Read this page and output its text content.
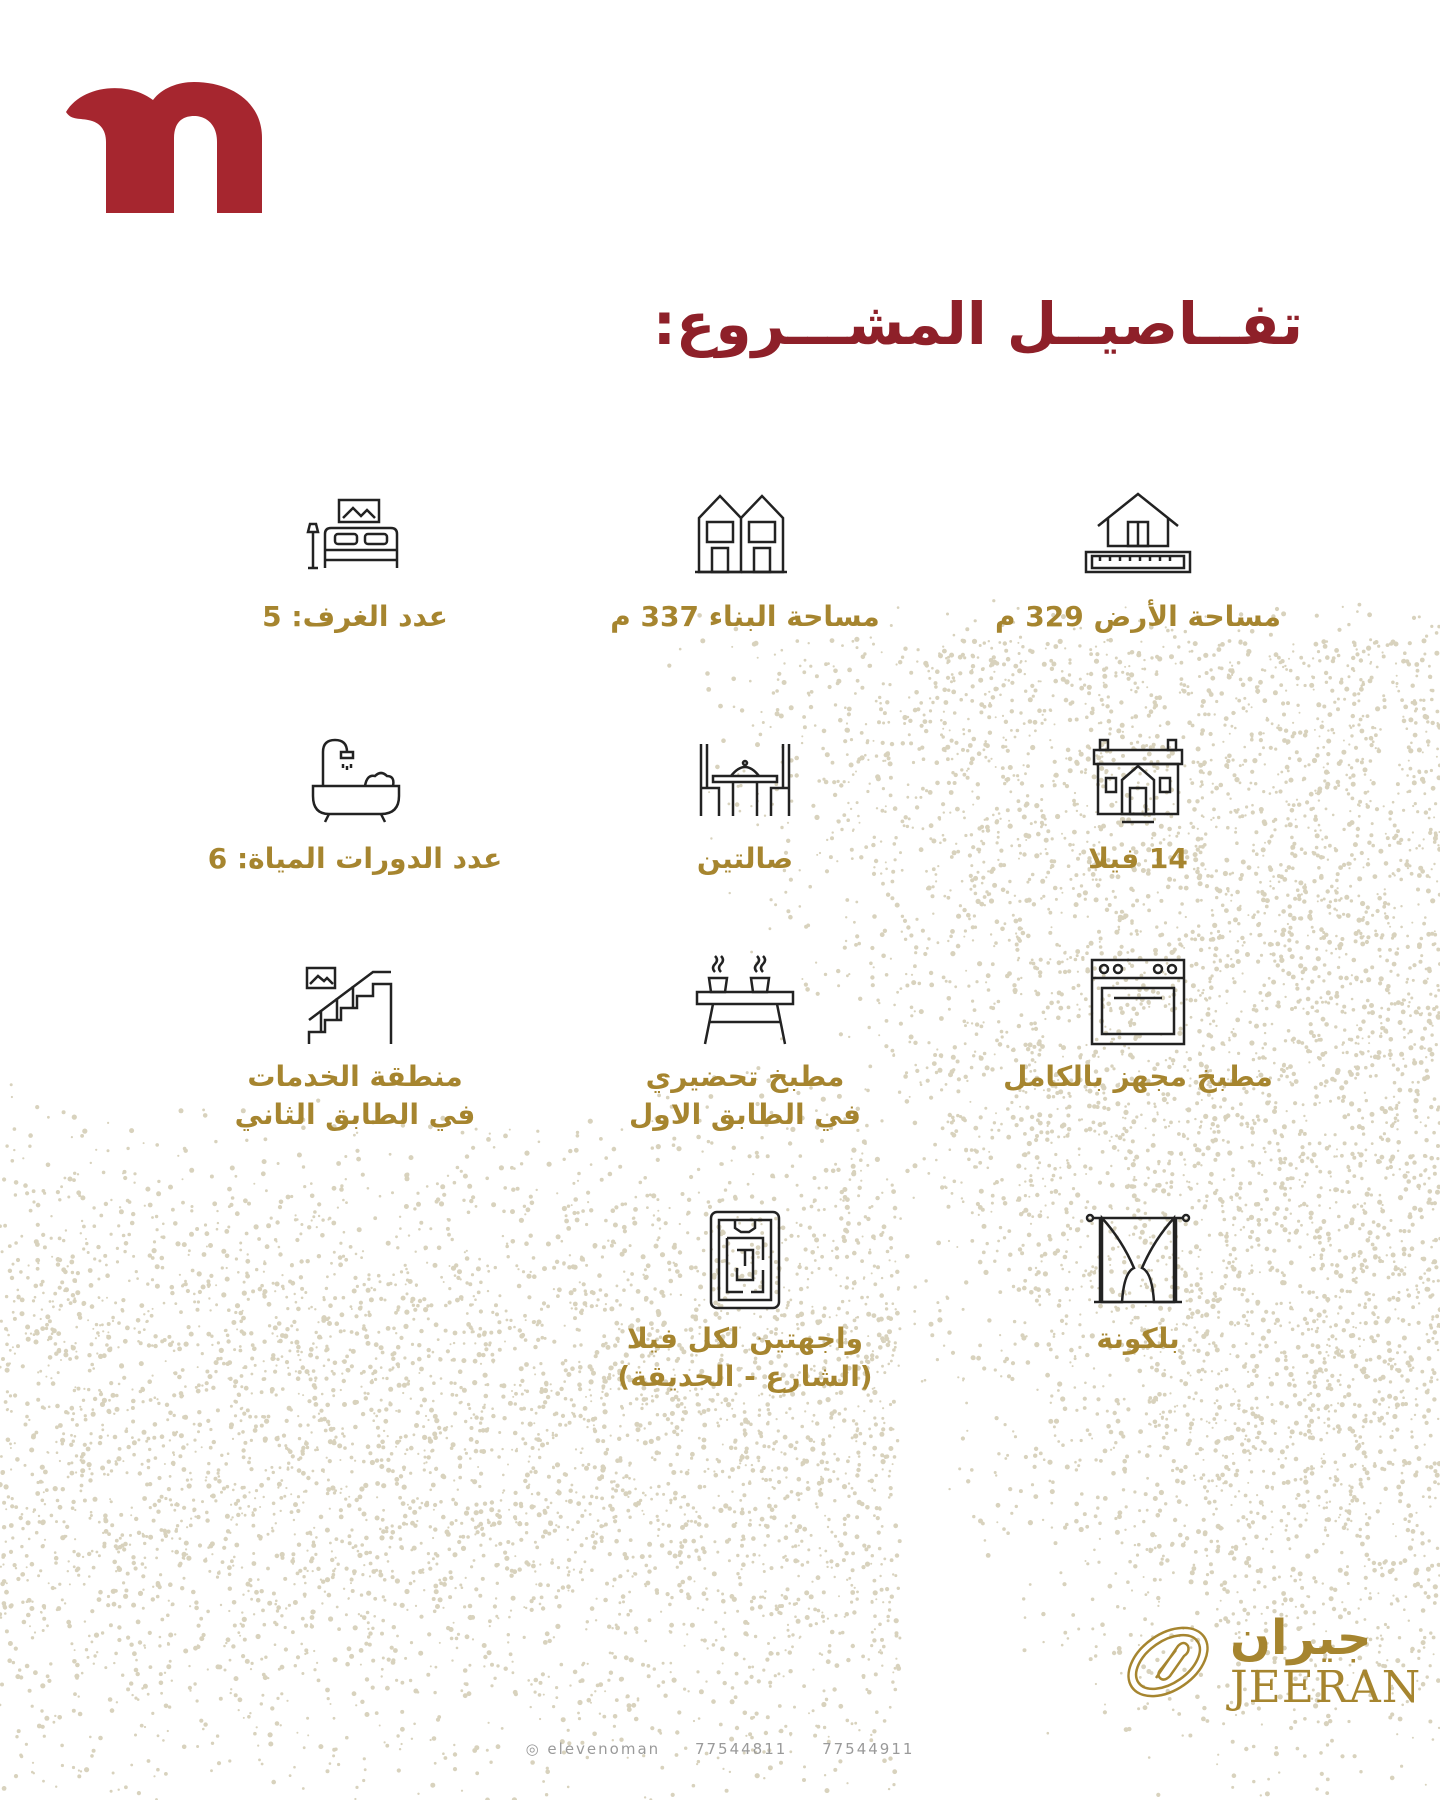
تفــاصيــل المشـــروع:
مساحة الأرض 329 م
مساحة البناء 337 م
عدد الغرف: 5
14 فيلا
صالتين
عدد الدورات المياة: 6
مطبخ مجهز بالكامل
مطبخ تحضيري
في الطابق الاول
منطقة الخدمات
في الطابق الثاني
بلكونة
واجهتين لكل فيلا
(الشارع - الحديقة)
جيران
JEERAN
◎ elevenoman 77544811 77544911
